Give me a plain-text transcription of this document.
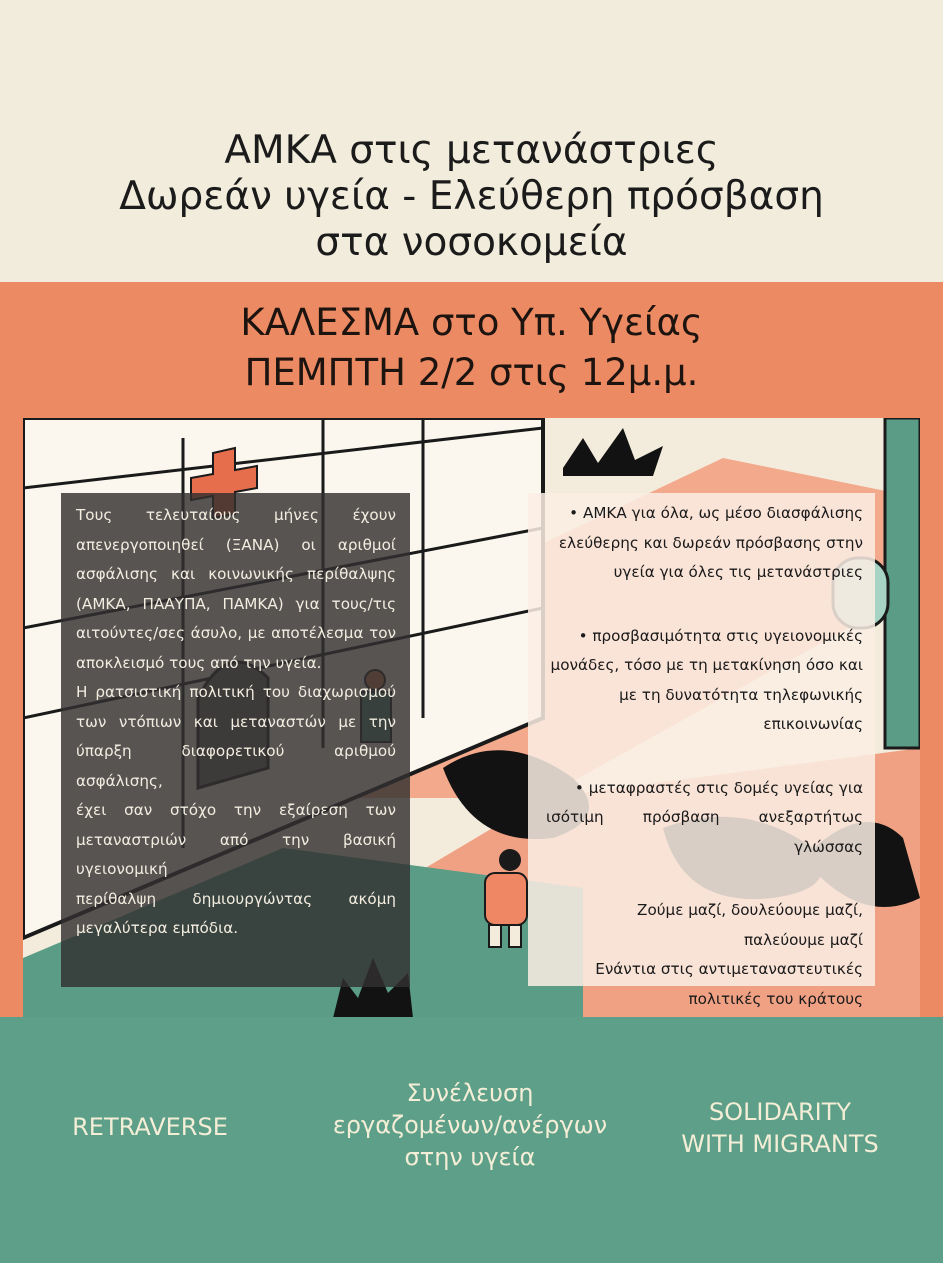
ΑΜΚΑ στις μετανάστριες
Δωρεάν υγεία - Ελεύθερη πρόσβαση
στα νοσοκομεία
ΚΑΛΕΣΜΑ στο Υπ. Υγείας
ΠΕΜΠΤΗ 2/2 στις 12μ.μ.

Τους τελευταίους μήνες έχουν

απενεργοποιηθεί (ΞΑΝΑ) οι αριθμοί

ασφάλισης και κοινωνικής περίθαλψης

(ΑΜΚΑ, ΠΑΑΥΠΑ, ΠΑΜΚΑ) για τους/τις

αιτούντες/σες άσυλο, με αποτέλεσμα τον

αποκλεισμό τους από την υγεία.

Η ρατσιστική πολιτική του διαχωρισμού

των ντόπιων και μεταναστών με την

ύπαρξη διαφορετικού αριθμού ασφάλισης,

έχει σαν στόχο την εξαίρεση των

μεταναστριών από την βασική υγειονομική

περίθαλψη δημιουργώντας ακόμη

μεγαλύτερα εμπόδια.

• ΑΜΚΑ για όλα, ως μέσο διασφάλισης

ελεύθερης και δωρεάν πρόσβασης στην

υγεία για όλες τις μετανάστριες

• προσβασιμότητα στις υγειονομικές

μονάδες, τόσο με τη μετακίνηση όσο και

με τη δυνατότητα τηλεφωνικής

επικοινωνίας

• μεταφραστές στις δομές υγείας για

ισότιμη πρόσβαση ανεξαρτήτως γλώσσας

Ζούμε μαζί, δουλεύουμε μαζί,

παλεύουμε μαζί

Ενάντια στις αντιμεταναστευτικές

πολιτικές του κράτους

RETRAVERSE
Συνέλευση
εργαζομένων/ανέργων
στην υγεία
SOLIDARITY
WITH MIGRANTS
